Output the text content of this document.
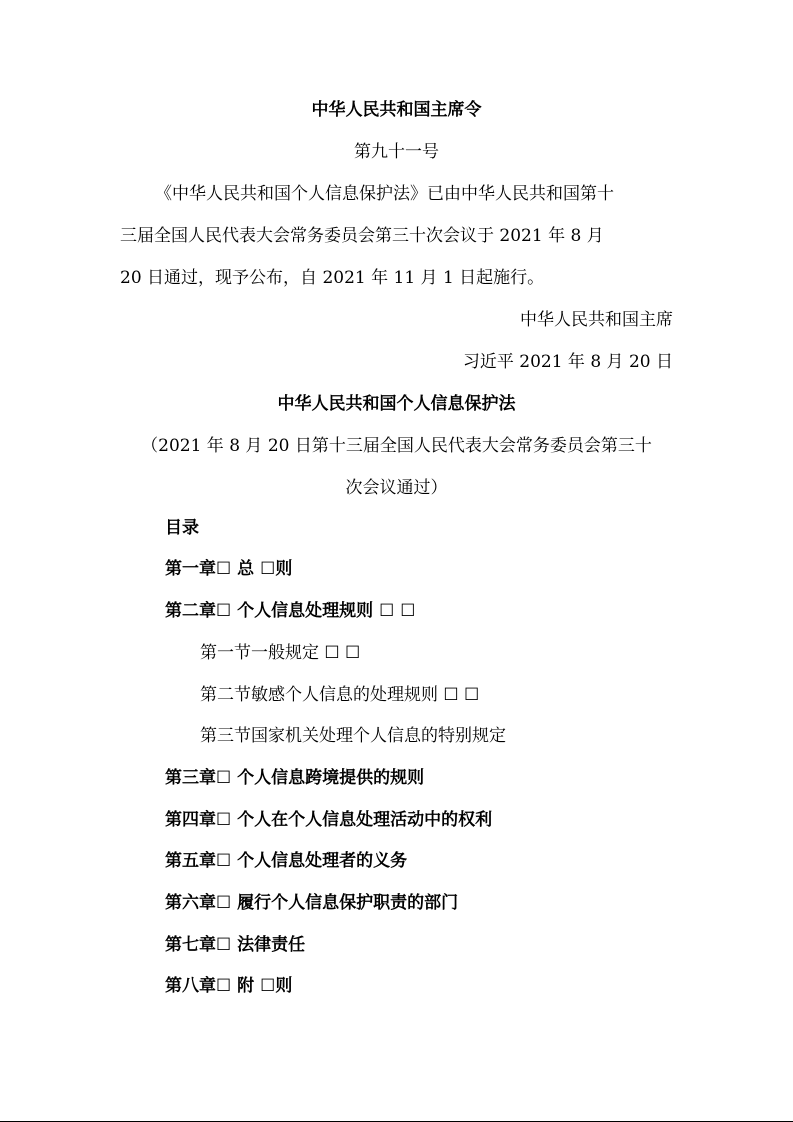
中华人民共和国主席令
第九十一号
《中华人民共和国个人信息保护法》已由中华人民共和国第十
三届全国人民代表大会常务委员会第三十次会议于 2021 年 8 月
20 日通过，现予公布，自 2021 年 11 月 1 日起施行。
中华人民共和国主席
习近平 2021 年 8 月 20 日
中华人民共和国个人信息保护法
（2021 年 8 月 20 日第十三届全国人民代表大会常务委员会第三十
次会议通过）
目录
第一章☐ 总 ☐则
第二章☐ 个人信息处理规则 ☐ ☐
第一节一般规定 ☐ ☐
第二节敏感个人信息的处理规则 ☐ ☐
第三节国家机关处理个人信息的特别规定
第三章☐ 个人信息跨境提供的规则
第四章☐ 个人在个人信息处理活动中的权利
第五章☐ 个人信息处理者的义务
第六章☐ 履行个人信息保护职责的部门
第七章☐ 法律责任
第八章☐ 附 ☐则
